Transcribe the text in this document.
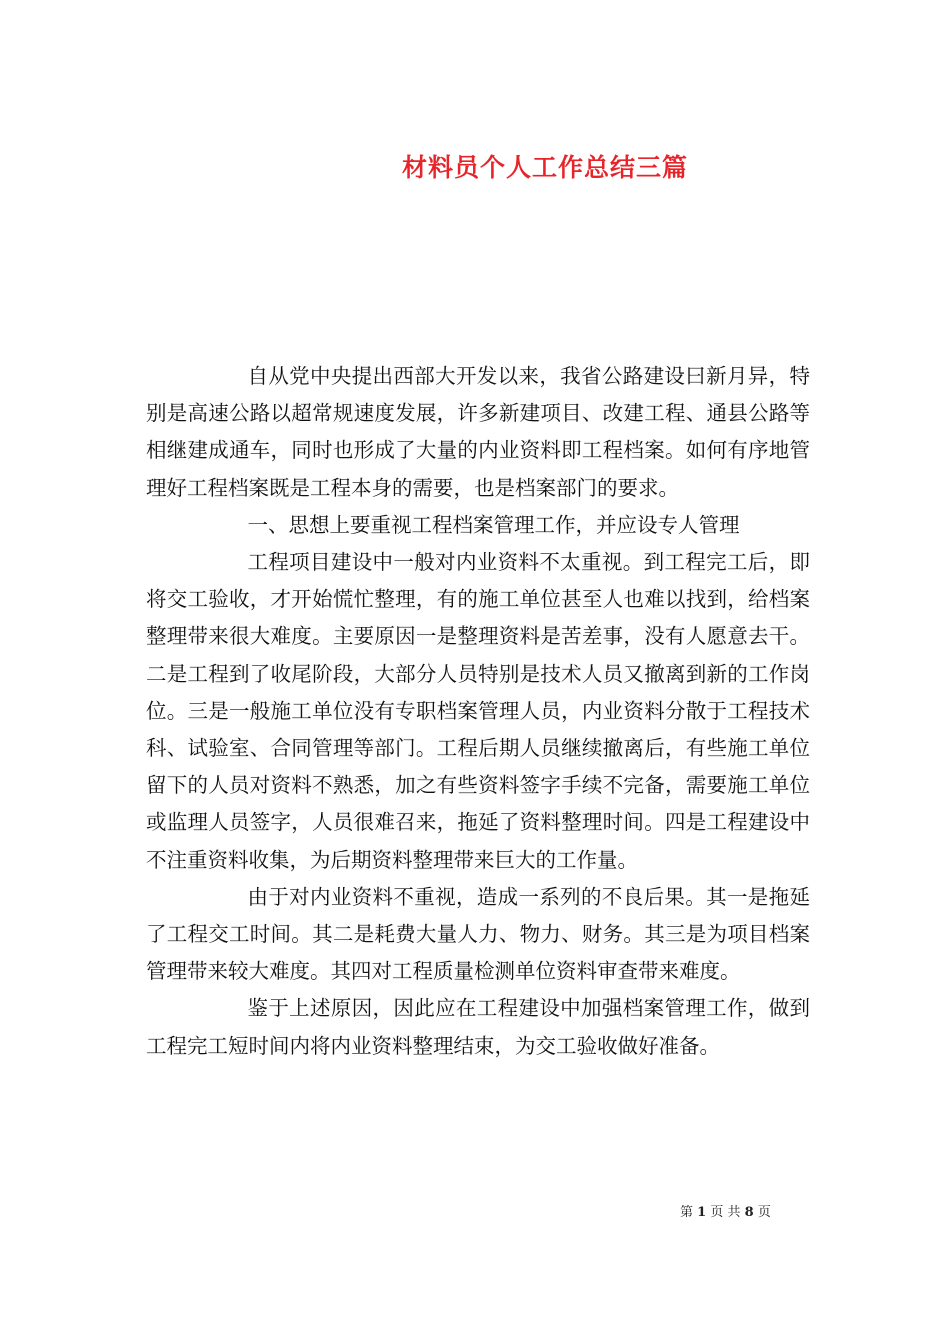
材料员个人工作总结三篇

自从党中央提出西部大开发以来，我省公路建设曰新月异，特别是高速公路以超常规速度发展，许多新建项目、改建工程、通县公路等相继建成通车，同时也形成了大量的内业资料即工程档案。如何有序地管理好工程档案既是工程本身的需要，也是档案部门的要求。

一、思想上要重视工程档案管理工作，并应设专人管理

工程项目建设中一般对内业资料不太重视。到工程完工后，即将交工验收，才开始慌忙整理，有的施工单位甚至人也难以找到，给档案整理带来很大难度。主要原因一是整理资料是苦差事，没有人愿意去干。二是工程到了收尾阶段，大部分人员特别是技术人员又撤离到新的工作岗位。三是一般施工单位没有专职档案管理人员，内业资料分散于工程技术科、试验室、合同管理等部门。工程后期人员继续撤离后，有些施工单位留下的人员对资料不熟悉，加之有些资料签字手续不完备，需要施工单位或监理人员签字，人员很难召来，拖延了资料整理时间。四是工程建设中不注重资料收集，为后期资料整理带来巨大的工作量。

由于对内业资料不重视，造成一系列的不良后果。其一是拖延了工程交工时间。其二是耗费大量人力、物力、财务。其三是为项目档案管理带来较大难度。其四对工程质量检测单位资料审查带来难度。

鉴于上述原因，因此应在工程建设中加强档案管理工作，做到工程完工短时间内将内业资料整理结束，为交工验收做好准备。

第 1 页 共 8 页
